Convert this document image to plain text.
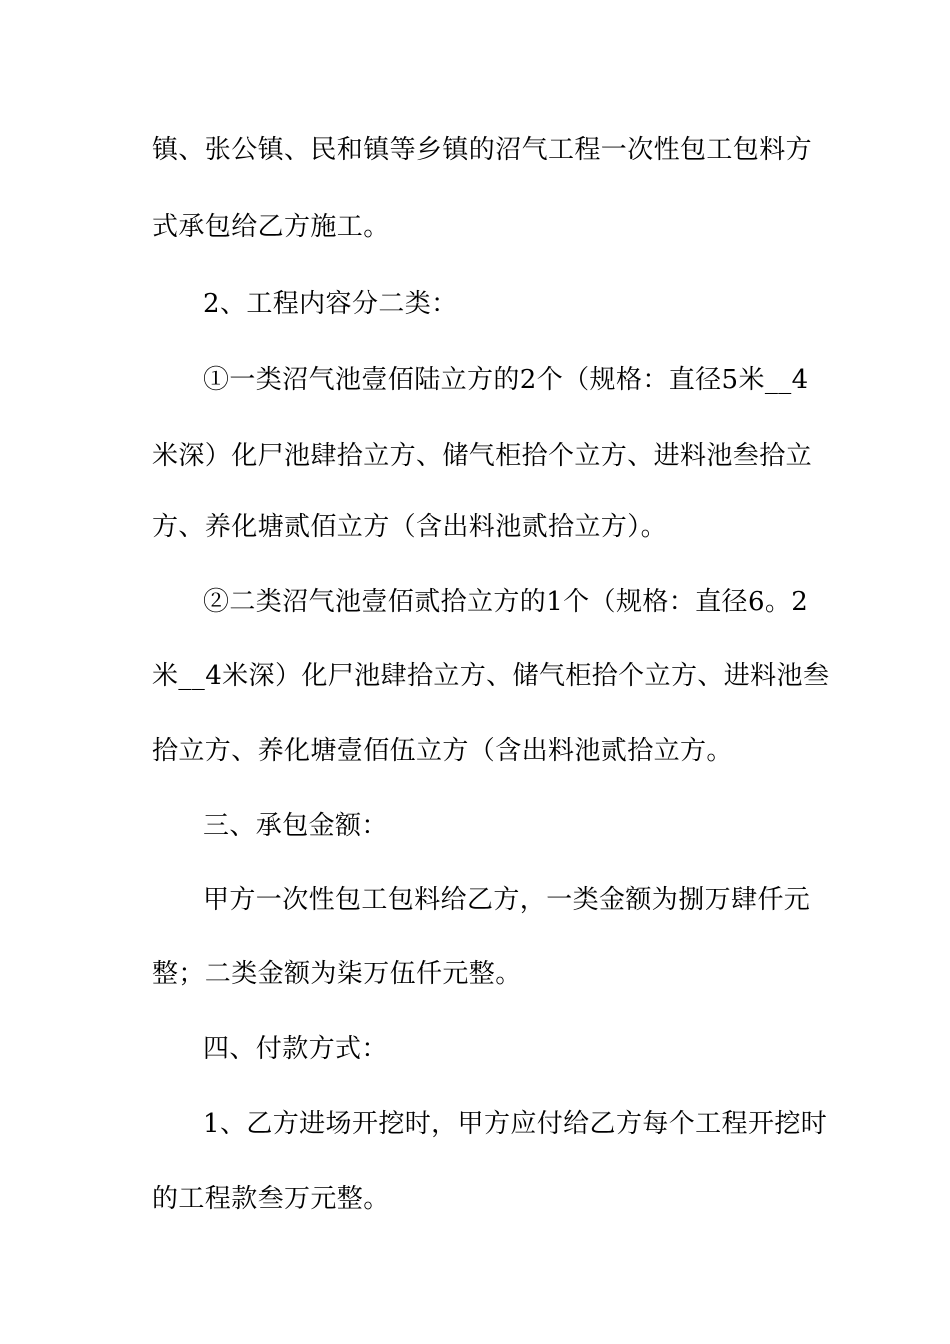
镇、张公镇、民和镇等乡镇的沼气工程一次性包工包料方
式承包给乙方施工。
2、工程内容分二类：
①一类沼气池壹佰陆立方的2个（规格：直径5米__4
米深）化尸池肆拾立方、储气柜拾个立方、进料池叁拾立
方、养化塘贰佰立方（含出料池贰拾立方）。
②二类沼气池壹佰贰拾立方的1个（规格：直径6。2
米__4米深）化尸池肆拾立方、储气柜拾个立方、进料池叁
拾立方、养化塘壹佰伍立方（含出料池贰拾立方。
三、承包金额：
甲方一次性包工包料给乙方，一类金额为捌万肆仟元
整；二类金额为柒万伍仟元整。
四、付款方式：
1、乙方进场开挖时，甲方应付给乙方每个工程开挖时
的工程款叁万元整。
